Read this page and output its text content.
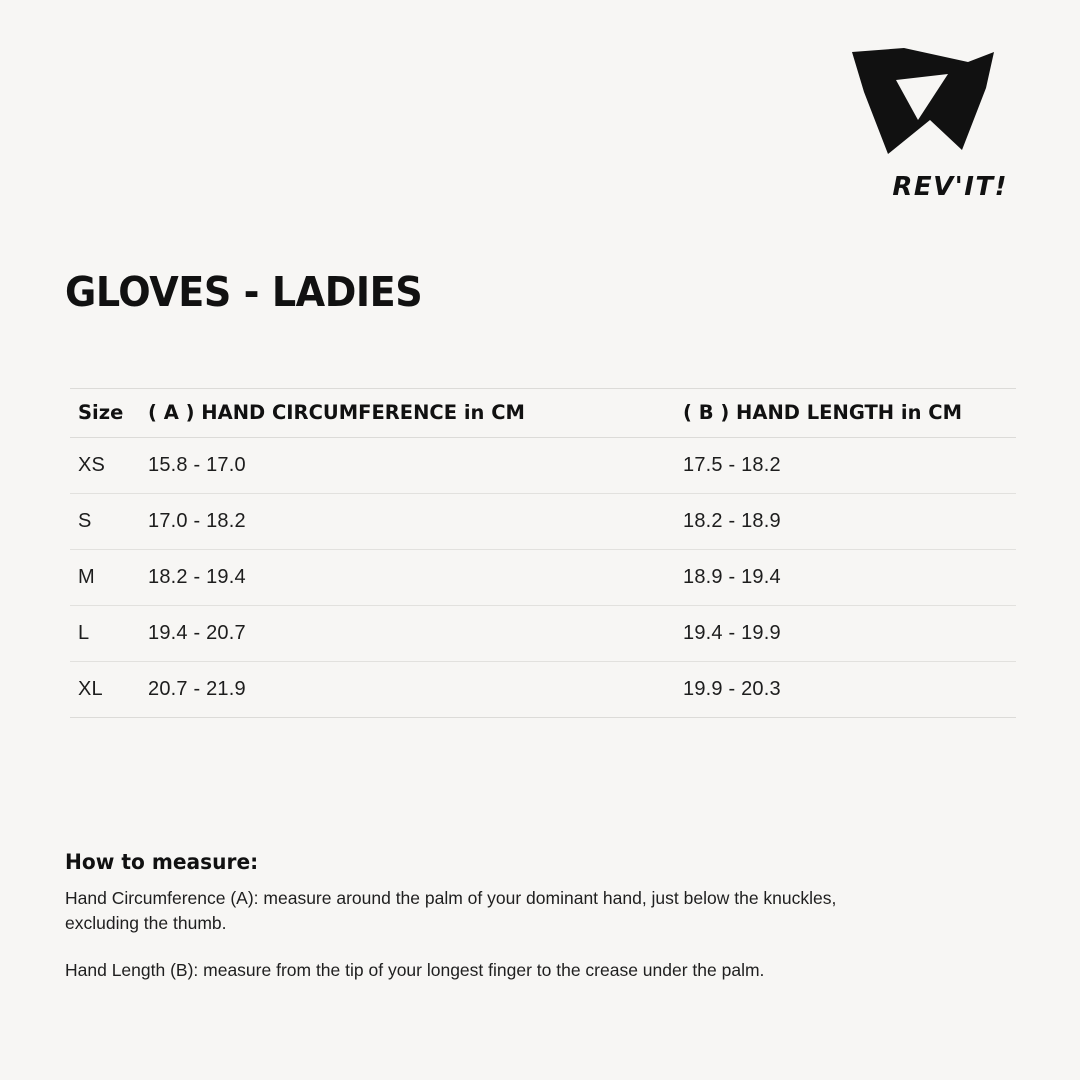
REV'IT!
GLOVES - LADIES
Size	( A ) HAND CIRCUMFERENCE in CM	( B ) HAND LENGTH in CM
XS	15.8 - 17.0	17.5 - 18.2
S	17.0 - 18.2	18.2 - 18.9
M	18.2 - 19.4	18.9 - 19.4
L	19.4 - 20.7	19.4 - 19.9
XL	20.7 - 21.9	19.9 - 20.3

How to measure:

Hand Circumference (A): measure around the palm of your dominant hand, just below the knuckles, excluding the thumb.

Hand Length (B): measure from the tip of your longest finger to the crease under the palm.
